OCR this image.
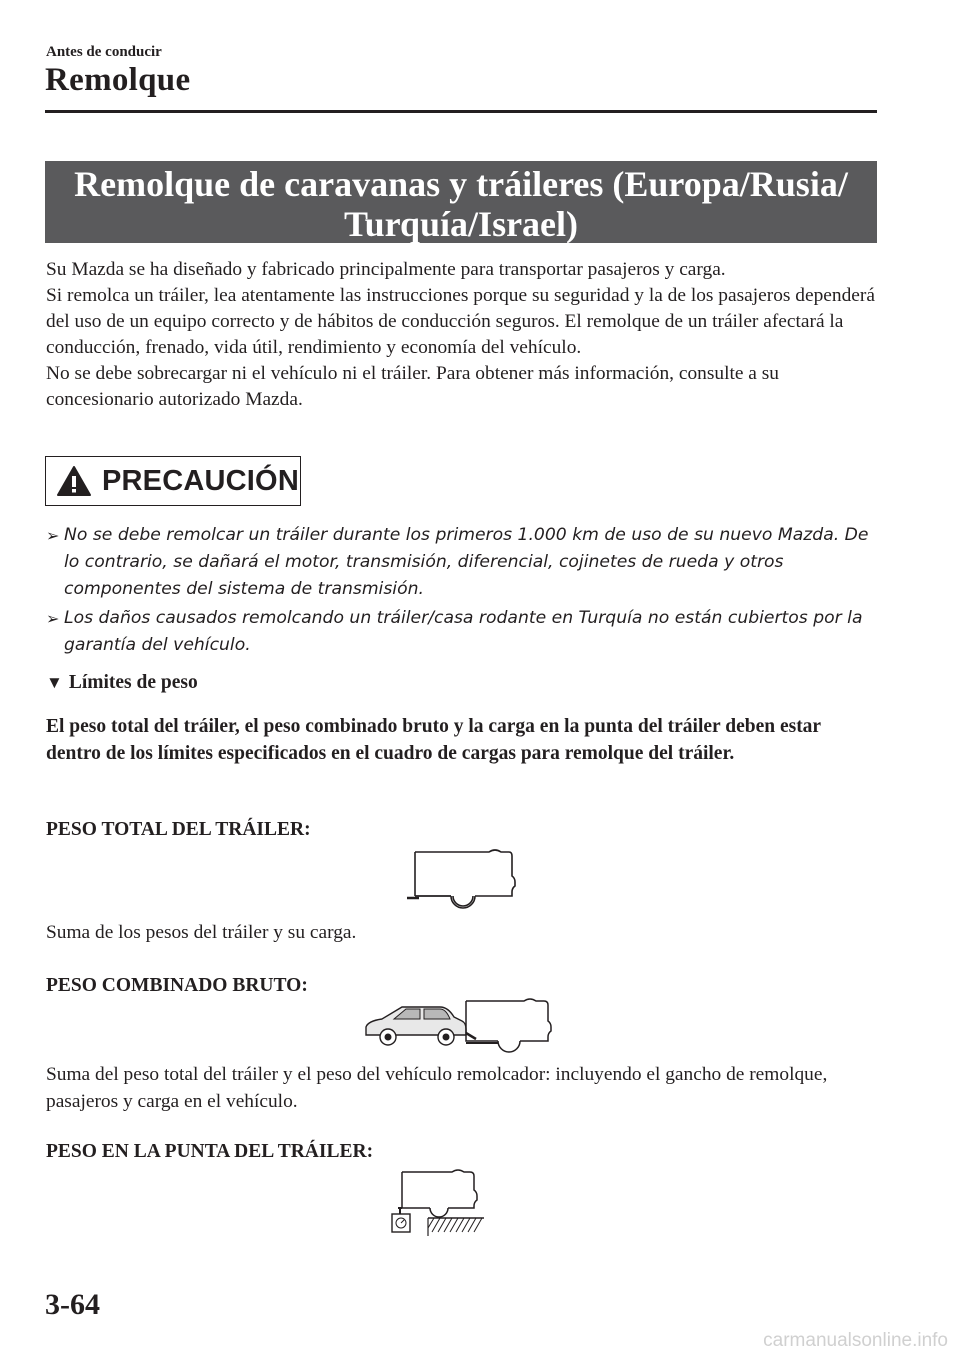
Antes de conducir
Remolque
Remolque de caravanas y tráileres (Europa/Rusia/
Turquía/Israel)

Su Mazda se ha diseñado y fabricado principalmente para transportar pasajeros y carga.

Si remolca un tráiler, lea atentamente las instrucciones porque su seguridad y la de los pasajeros dependerá del uso de un equipo correcto y de hábitos de conducción seguros. El remolque de un tráiler afectará la conducción, frenado, vida útil, rendimiento y economía del vehículo.

No se debe sobrecargar ni el vehículo ni el tráiler. Para obtener más información, consulte a su concesionario autorizado Mazda.

PRECAUCIÓN
➢ No se debe remolcar un tráiler durante los primeros 1.000 km de uso de su nuevo Mazda. De lo contrario, se dañará el motor, transmisión, diferencial, cojinetes de rueda y otros componentes del sistema de transmisión.
➢ Los daños causados remolcando un tráiler/casa rodante en Turquía no están cubiertos por la garantía del vehículo.
▼ Límites de peso

El peso total del tráiler, el peso combinado bruto y la carga en la punta del tráiler deben estar dentro de los límites especificados en el cuadro de cargas para remolque del tráiler.

PESO TOTAL DEL TRÁILER:

Suma de los pesos del tráiler y su carga.

PESO COMBINADO BRUTO:

Suma del peso total del tráiler y el peso del vehículo remolcador: incluyendo el gancho de remolque, pasajeros y carga en el vehículo.

PESO EN LA PUNTA DEL TRÁILER:
3-64
carmanualsonline.info
